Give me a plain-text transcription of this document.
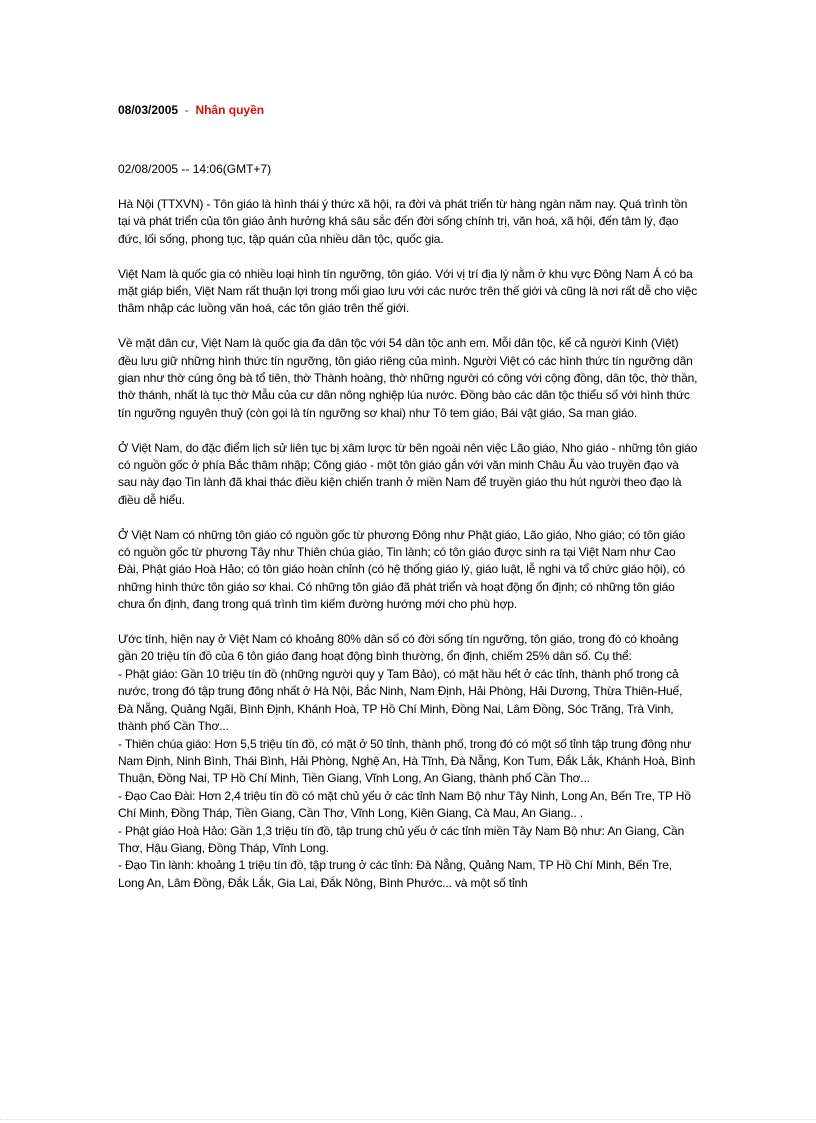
08/03/2005 - Nhân quyền
02/08/2005 -- 14:06(GMT+7)

Hà Nội (TTXVN) - Tôn giáo là hình thái ý thức xã hội, ra đời và phát triển từ hàng ngàn năm nay. Quá trình tồn tại và phát triển của tôn giáo ảnh hưởng khá sâu sắc đến đời sống chính trị, văn hoá, xã hội, đến tâm lý, đạo đức, lối sống, phong tục, tập quán của nhiều dân tộc, quốc gia.

Việt Nam là quốc gia có nhiều loại hình tín ngưỡng, tôn giáo. Với vị trí địa lý nằm ở khu vực Đông Nam Á có ba mặt giáp biển, Việt Nam rất thuận lợi trong mối giao lưu với các nước trên thế giới và cũng là nơi rất dễ cho việc thâm nhập các luồng văn hoá, các tôn giáo trên thế giới.

Về mặt dân cư, Việt Nam là quốc gia đa dân tộc với 54 dân tộc anh em. Mỗi dân tộc, kể cả người Kinh (Việt) đều lưu giữ những hình thức tín ngưỡng, tôn giáo riêng của mình. Người Việt có các hình thức tín ngưỡng dân gian như thờ cúng ông bà tổ tiên, thờ Thành hoàng, thờ những người có công với cộng đồng, dân tộc, thờ thần, thờ thánh, nhất là tục thờ Mẫu của cư dân nông nghiệp lúa nước. Đồng bào các dân tộc thiểu số với hình thức tín ngưỡng nguyên thuỷ (còn gọi là tín ngưỡng sơ khai) như Tô tem giáo, Bái vật giáo, Sa man giáo.

Ở Việt Nam, do đặc điểm lịch sử liên tục bị xâm lược từ bên ngoài nên việc Lão giáo, Nho giáo - những tôn giáo có nguồn gốc ở phía Bắc thâm nhập; Công giáo - một tôn giáo gắn với văn minh Châu Âu vào truyền đạo và sau này đạo Tin lành đã khai thác điều kiện chiến tranh ở miền Nam để truyền giáo thu hút người theo đạo là điều dễ hiểu.

Ở Việt Nam có những tôn giáo có nguồn gốc từ phương Đông như Phật giáo, Lão giáo, Nho giáo; có tôn giáo có nguồn gốc từ phương Tây như Thiên chúa giáo, Tin lành; có tôn giáo được sinh ra tại Việt Nam như Cao Đài, Phật giáo Hoà Hảo; có tôn giáo hoàn chỉnh (có hệ thống giáo lý, giáo luật, lễ nghi và tổ chức giáo hội), có những hình thức tôn giáo sơ khai. Có những tôn giáo đã phát triển và hoạt động ổn định; có những tôn giáo chưa ổn định, đang trong quá trình tìm kiếm đường hướng mới cho phù hợp.

Ước tính, hiện nay ở Việt Nam có khoảng 80% dân số có đời sống tín ngưỡng, tôn giáo, trong đó có khoảng gần 20 triệu tín đồ của 6 tôn giáo đang hoạt động bình thường, ổn định, chiếm 25% dân số. Cụ thể:

- Phật giáo: Gần 10 triệu tín đồ (những người quy y Tam Bảo), có mặt hầu hết ở các tỉnh, thành phố trong cả nước, trong đó tập trung đông nhất ở Hà Nội, Bắc Ninh, Nam Định, Hải Phòng, Hải Dương, Thừa Thiên-Huế, Đà Nẵng, Quảng Ngãi, Bình Định, Khánh Hoà, TP Hồ Chí Minh, Đồng Nai, Lâm Đồng, Sóc Trăng, Trà Vinh, thành phố Cần Thơ...
- Thiên chúa giáo: Hơn 5,5 triệu tín đồ, có mặt ở 50 tỉnh, thành phố, trong đó có một số tỉnh tập trung đông như Nam Định, Ninh Bình, Thái Bình, Hải Phòng, Nghệ An, Hà Tĩnh, Đà Nẵng, Kon Tum, Đắk Lắk, Khánh Hoà, Bình Thuận, Đồng Nai, TP Hồ Chí Minh, Tiền Giang, Vĩnh Long, An Giang, thành phố Cần Thơ...
- Đạo Cao Đài: Hơn 2,4 triệu tín đồ có mặt chủ yếu ở các tỉnh Nam Bộ như Tây Ninh, Long An, Bến Tre, TP Hồ Chí Minh, Đồng Tháp, Tiền Giang, Cần Thơ, Vĩnh Long, Kiên Giang, Cà Mau, An Giang.. .
- Phật giáo Hoà Hảo: Gần 1,3 triệu tín đồ, tập trung chủ yếu ở các tỉnh miền Tây Nam Bộ như: An Giang, Cần Thơ, Hậu Giang, Đồng Tháp, Vĩnh Long.
- Đạo Tin lành: khoảng 1 triệu tín đồ, tập trung ở các tỉnh: Đà Nẵng, Quảng Nam, TP Hồ Chí Minh, Bến Tre, Long An, Lâm Đồng, Đắk Lắk, Gia Lai, Đắk Nông, Bình Phước... và một số tỉnh
